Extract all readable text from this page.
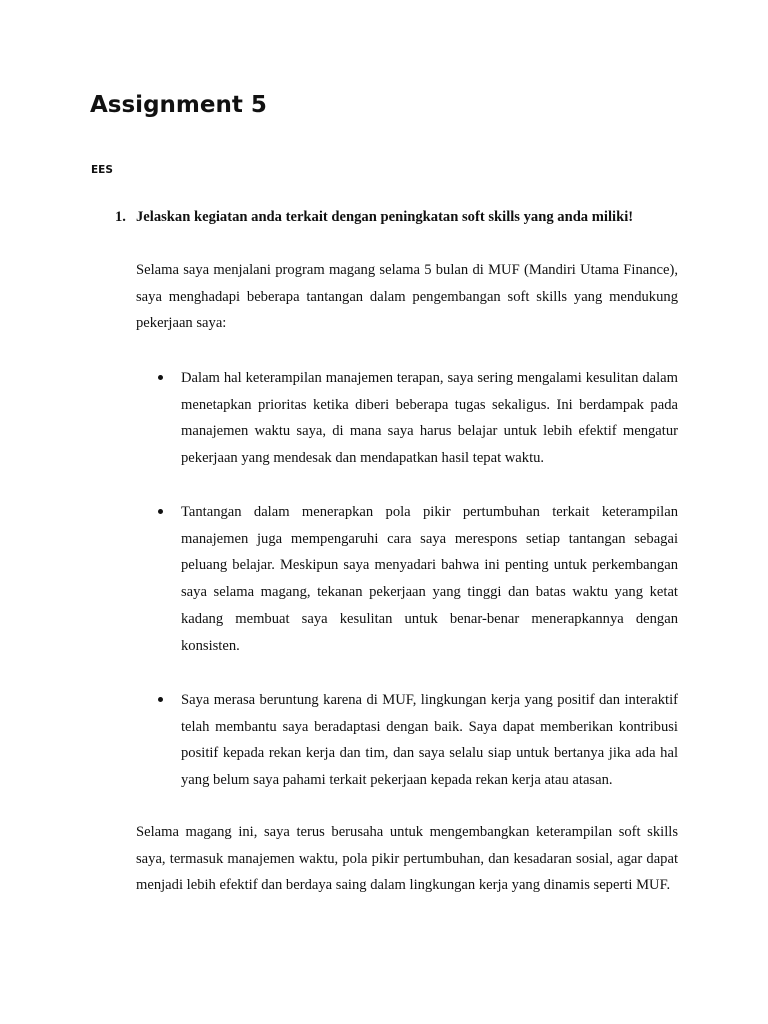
Assignment 5
EES
1. Jelaskan kegiatan anda terkait dengan peningkatan soft skills yang anda miliki!

Selama saya menjalani program magang selama 5 bulan di MUF (Mandiri Utama Finance), saya menghadapi beberapa tantangan dalam pengembangan soft skills yang mendukung pekerjaan saya:

Dalam hal keterampilan manajemen terapan, saya sering mengalami kesulitan dalam menetapkan prioritas ketika diberi beberapa tugas sekaligus. Ini berdampak pada manajemen waktu saya, di mana saya harus belajar untuk lebih efektif mengatur pekerjaan yang mendesak dan mendapatkan hasil tepat waktu.

Tantangan dalam menerapkan pola pikir pertumbuhan terkait keterampilan manajemen juga mempengaruhi cara saya merespons setiap tantangan sebagai peluang belajar. Meskipun saya menyadari bahwa ini penting untuk perkembangan saya selama magang, tekanan pekerjaan yang tinggi dan batas waktu yang ketat kadang membuat saya kesulitan untuk benar-benar menerapkannya dengan konsisten.

Saya merasa beruntung karena di MUF, lingkungan kerja yang positif dan interaktif telah membantu saya beradaptasi dengan baik. Saya dapat memberikan kontribusi positif kepada rekan kerja dan tim, dan saya selalu siap untuk bertanya jika ada hal yang belum saya pahami terkait pekerjaan kepada rekan kerja atau atasan.

Selama magang ini, saya terus berusaha untuk mengembangkan keterampilan soft skills saya, termasuk manajemen waktu, pola pikir pertumbuhan, dan kesadaran sosial, agar dapat menjadi lebih efektif dan berdaya saing dalam lingkungan kerja yang dinamis seperti MUF.
